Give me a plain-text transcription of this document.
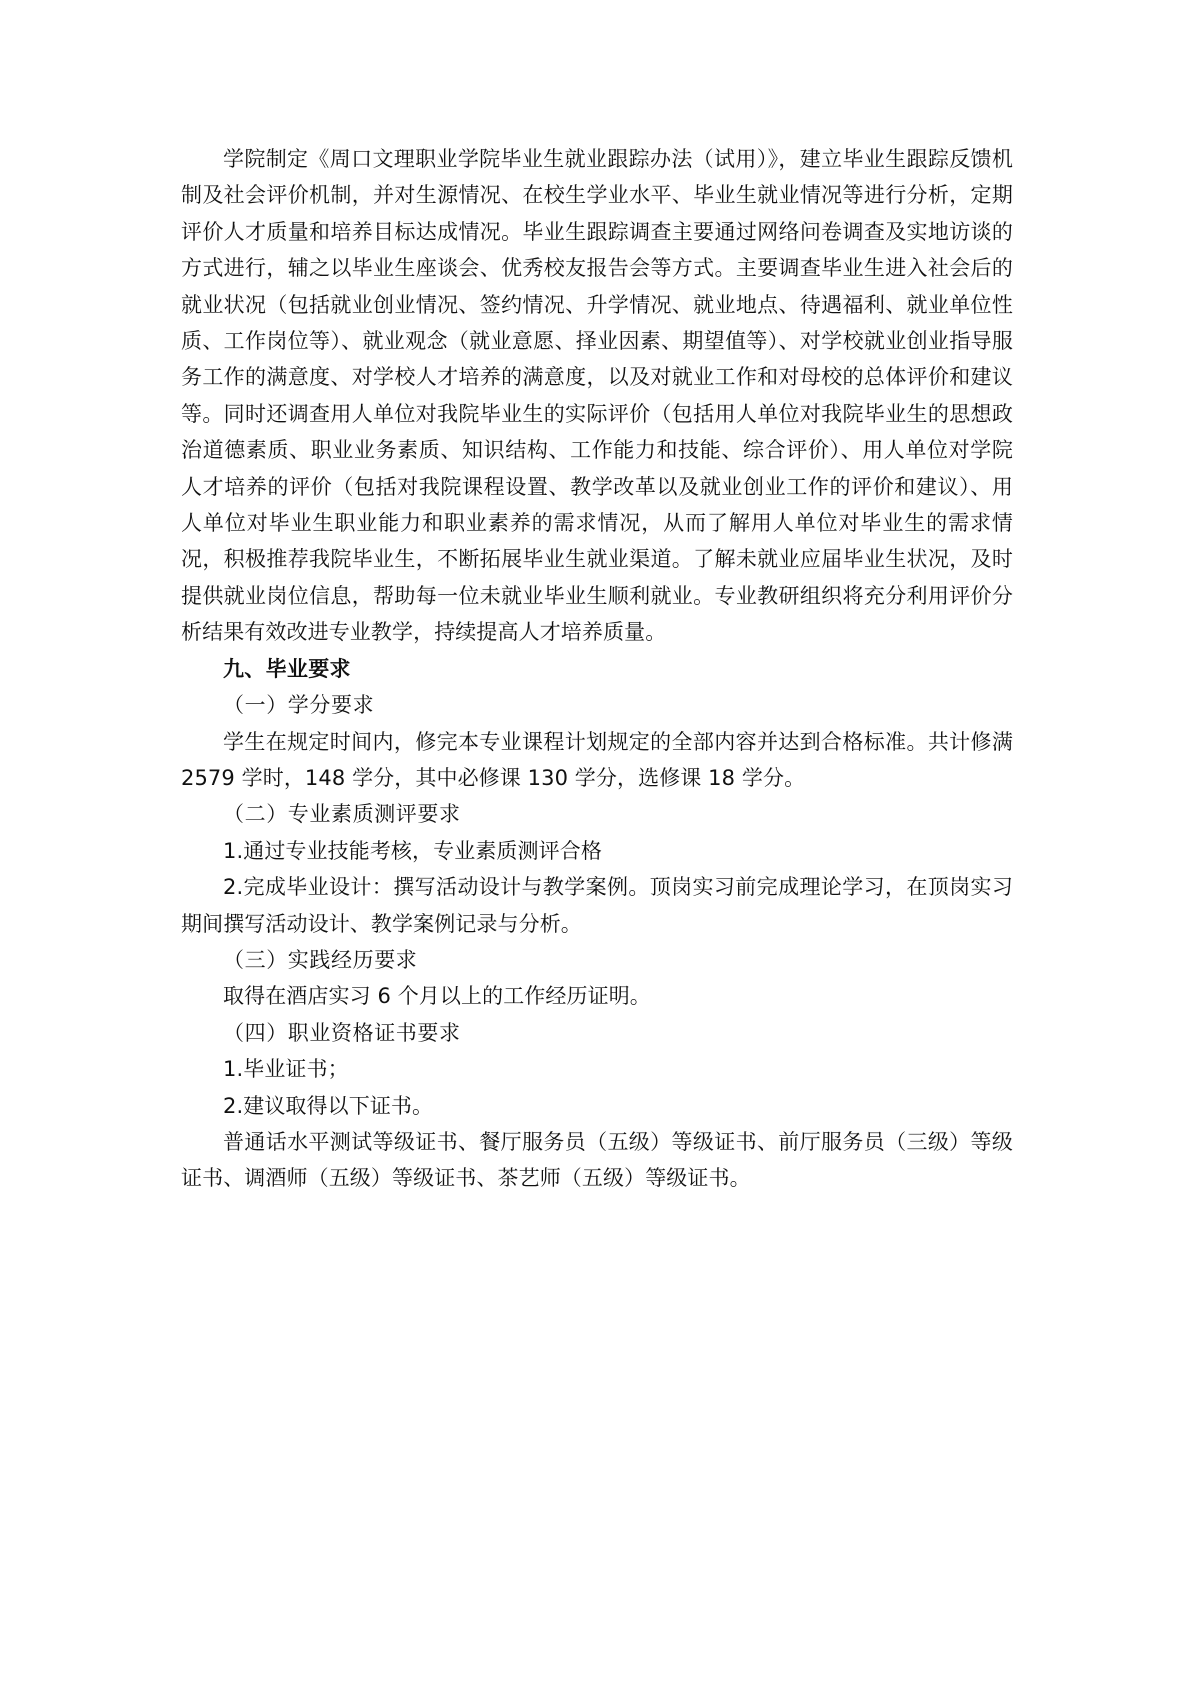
学院制定《周口文理职业学院毕业生就业跟踪办法（试用）》，建立毕业生跟踪反馈机制及社会评价机制，并对生源情况、在校生学业水平、毕业生就业情况等进行分析，定期评价人才质量和培养目标达成情况。毕业生跟踪调查主要通过网络问卷调查及实地访谈的方式进行，辅之以毕业生座谈会、优秀校友报告会等方式。主要调查毕业生进入社会后的就业状况（包括就业创业情况、签约情况、升学情况、就业地点、待遇福利、就业单位性质、工作岗位等）、就业观念（就业意愿、择业因素、期望值等）、对学校就业创业指导服务工作的满意度、对学校人才培养的满意度，以及对就业工作和对母校的总体评价和建议等。同时还调查用人单位对我院毕业生的实际评价（包括用人单位对我院毕业生的思想政治道德素质、职业业务素质、知识结构、工作能力和技能、综合评价）、用人单位对学院人才培养的评价（包括对我院课程设置、教学改革以及就业创业工作的评价和建议）、用人单位对毕业生职业能力和职业素养的需求情况，从而了解用人单位对毕业生的需求情况，积极推荐我院毕业生，不断拓展毕业生就业渠道。了解未就业应届毕业生状况，及时提供就业岗位信息，帮助每一位未就业毕业生顺利就业。专业教研组织将充分利用评价分析结果有效改进专业教学，持续提高人才培养质量。

九、毕业要求

（一）学分要求

学生在规定时间内，修完本专业课程计划规定的全部内容并达到合格标准。共计修满 2579 学时，148 学分，其中必修课 130 学分，选修课 18 学分。

（二）专业素质测评要求

1.通过专业技能考核，专业素质测评合格

2.完成毕业设计：撰写活动设计与教学案例。顶岗实习前完成理论学习，在顶岗实习期间撰写活动设计、教学案例记录与分析。

（三）实践经历要求

取得在酒店实习 6 个月以上的工作经历证明。

（四）职业资格证书要求

1.毕业证书；

2.建议取得以下证书。

普通话水平测试等级证书、餐厅服务员（五级）等级证书、前厅服务员（三级）等级证书、调酒师（五级）等级证书、茶艺师（五级）等级证书。
